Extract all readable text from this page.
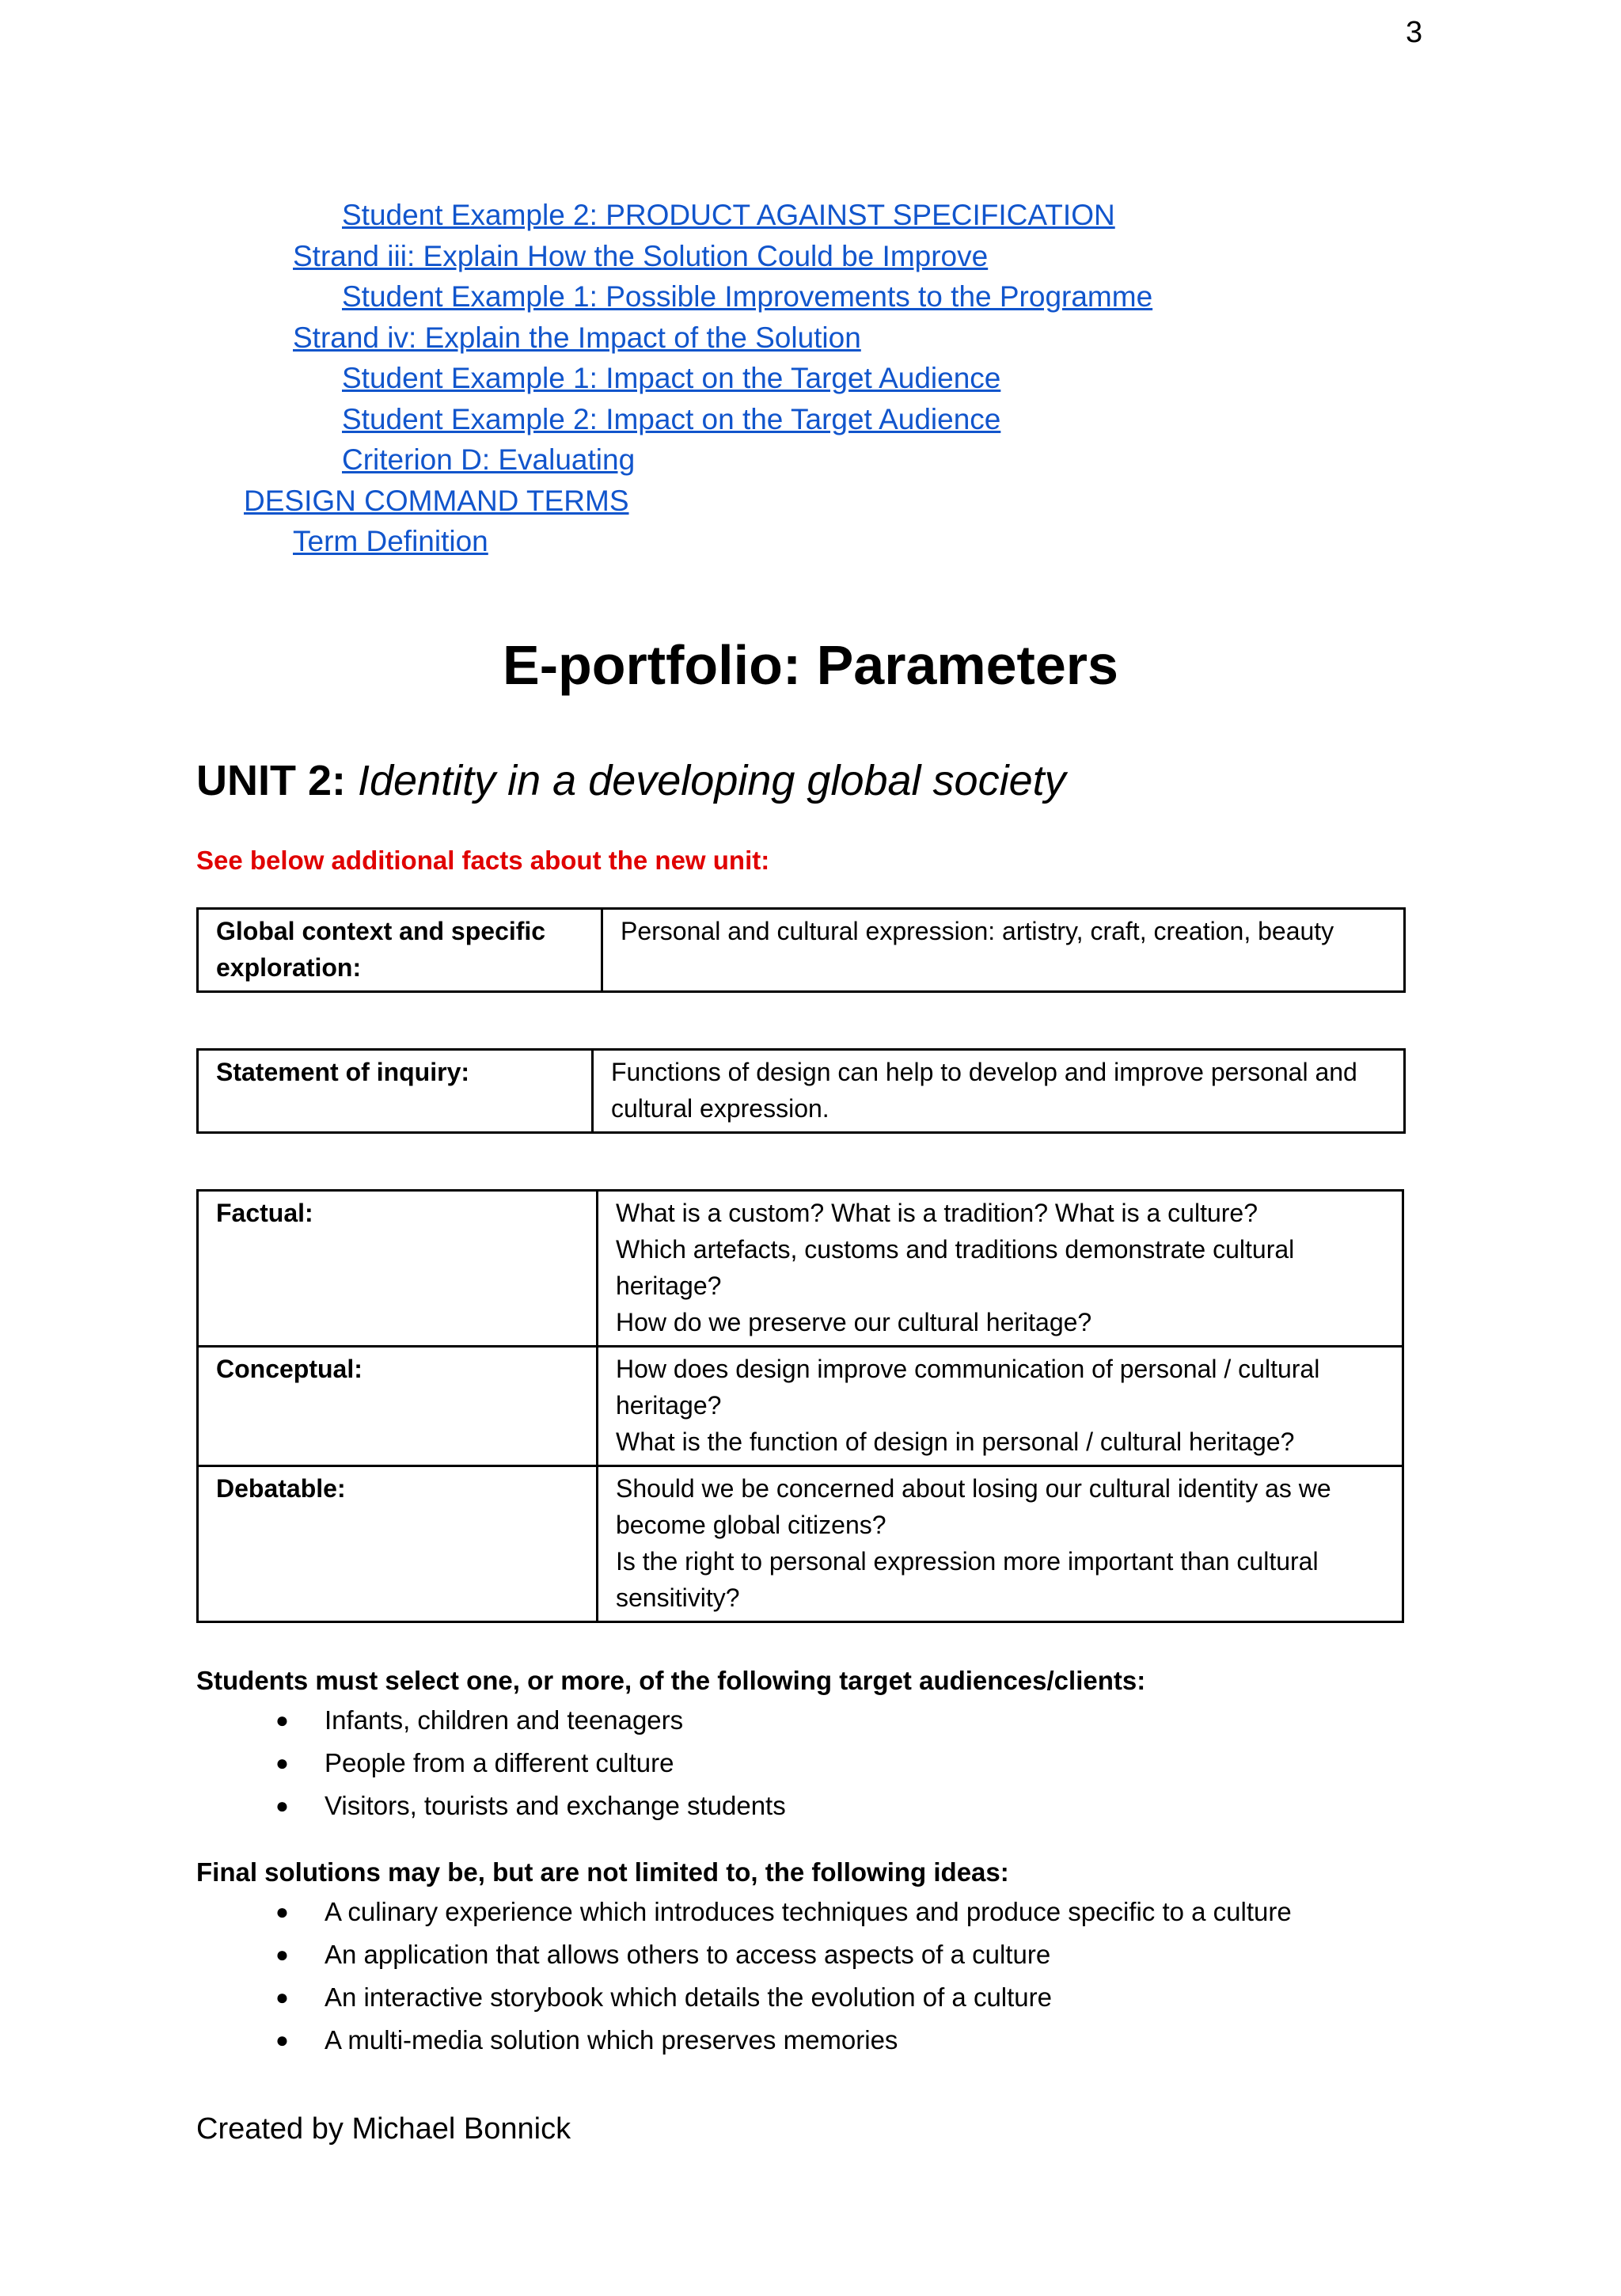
3
Student Example 2: PRODUCT AGAINST SPECIFICATION
Strand iii: Explain How the Solution Could be Improve
Student Example 1: Possible Improvements to the Programme
Strand iv: Explain the Impact of the Solution
Student Example 1: Impact on the Target Audience
Student Example 2: Impact on the Target Audience
Criterion D: Evaluating
DESIGN COMMAND TERMS
Term Definition
E-portfolio: Parameters
UNIT 2: Identity in a developing global society
See below additional facts about the new unit:
Global context and specific exploration:	Personal and cultural expression: artistry, craft, creation, beauty
Statement of inquiry:	Functions of design can help to develop and improve personal and cultural expression.
Factual:	What is a custom? What is a tradition? What is a culture?
Which artefacts, customs and traditions demonstrate cultural heritage?
How do we preserve our cultural heritage?
Conceptual:	How does design improve communication of personal / cultural heritage?
What is the function of design in personal / cultural heritage?
Debatable:	Should we be concerned about losing our cultural identity as we become global citizens?
Is the right to personal expression more important than cultural sensitivity?
Students must select one, or more, of the following target audiences/clients:
● Infants, children and teenagers
● People from a different culture
● Visitors, tourists and exchange students
Final solutions may be, but are not limited to, the following ideas:
● A culinary experience which introduces techniques and produce specific to a culture
● An application that allows others to access aspects of a culture
● An interactive storybook which details the evolution of a culture
● A multi-media solution which preserves memories
Created by Michael Bonnick
